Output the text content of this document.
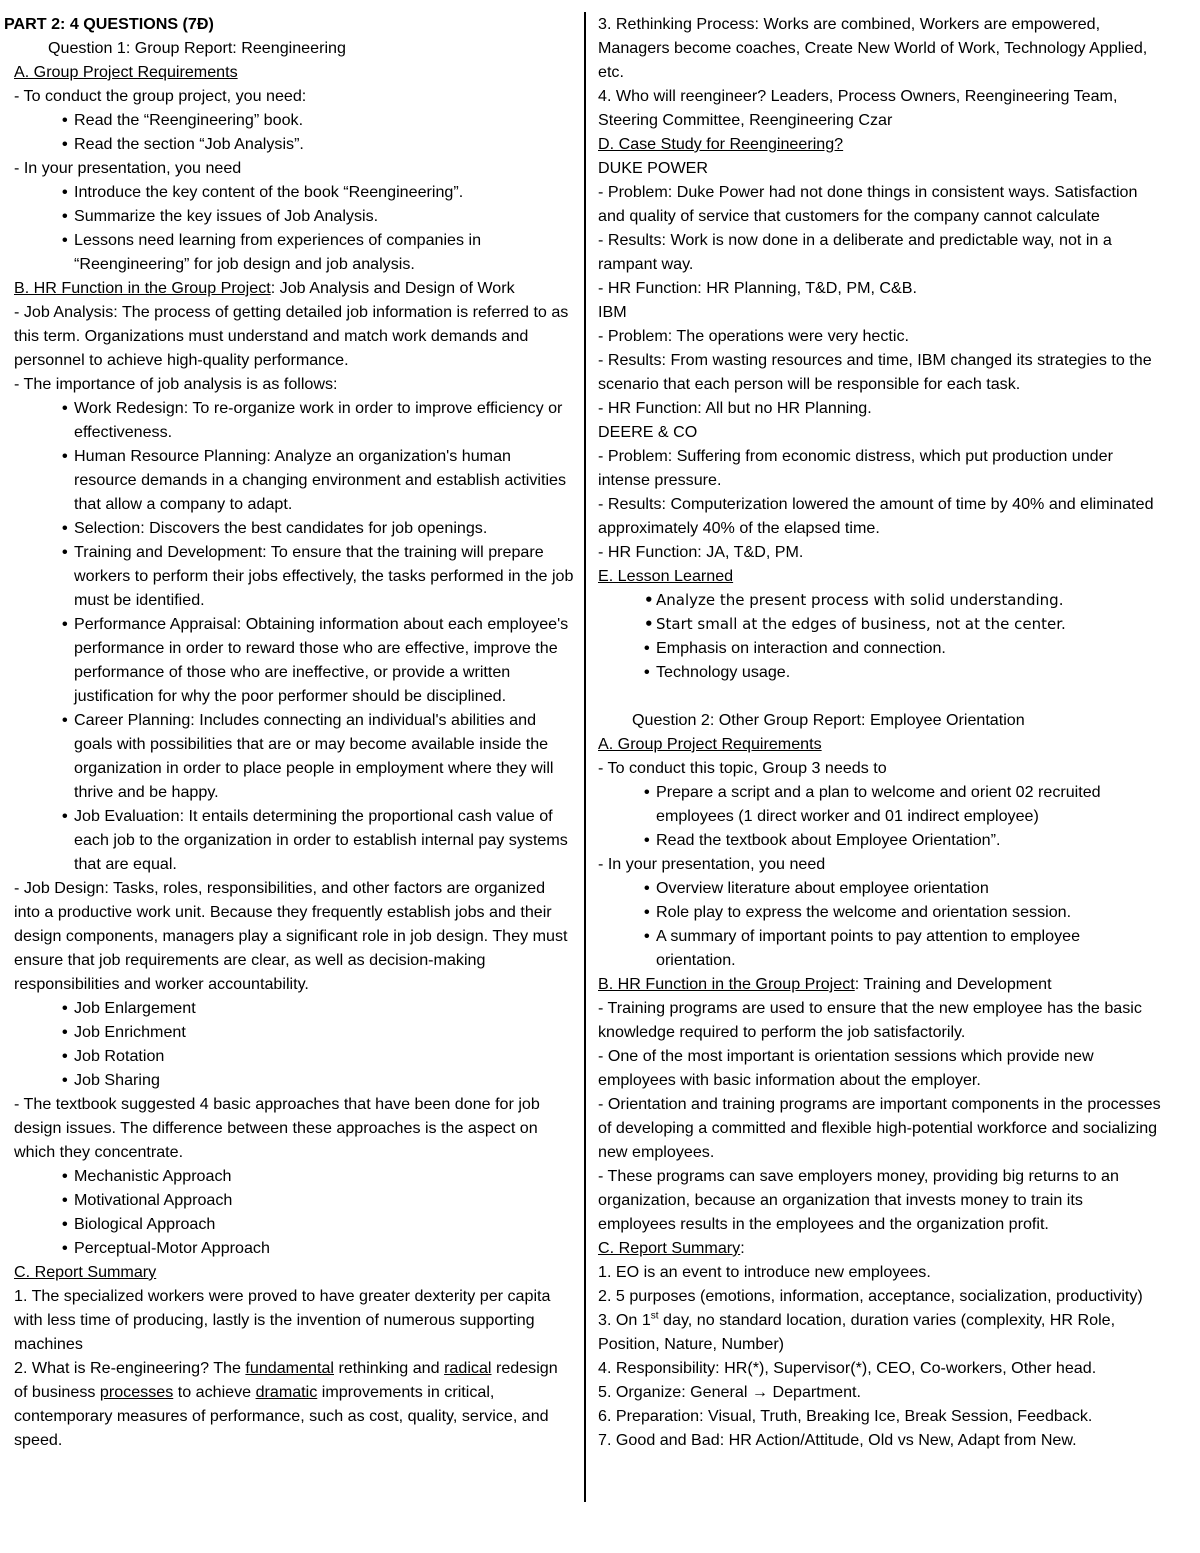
PART 2: 4 QUESTIONS (7Đ)
Question 1: Group Report: Reengineering
A. Group Project Requirements
- To conduct the group project, you need:
• Read the “Reengineering” book.
• Read the section “Job Analysis”.
- In your presentation, you need
• Introduce the key content of the book “Reengineering”.
• Summarize the key issues of Job Analysis.
• Lessons need learning from experiences of companies in “Reengineering” for job design and job analysis.
B. HR Function in the Group Project: Job Analysis and Design of Work
- Job Analysis: The process of getting detailed job information is referred to as this term. Organizations must understand and match work demands and personnel to achieve high-quality performance.
- The importance of job analysis is as follows:
• Work Redesign: To re-organize work in order to improve efficiency or effectiveness.
• Human Resource Planning: Analyze an organization's human resource demands in a changing environment and establish activities that allow a company to adapt.
• Selection: Discovers the best candidates for job openings.
• Training and Development: To ensure that the training will prepare workers to perform their jobs effectively, the tasks performed in the job must be identified.
• Performance Appraisal: Obtaining information about each employee's performance in order to reward those who are effective, improve the performance of those who are ineffective, or provide a written justification for why the poor performer should be disciplined.
• Career Planning: Includes connecting an individual's abilities and goals with possibilities that are or may become available inside the organization in order to place people in employment where they will thrive and be happy.
• Job Evaluation: It entails determining the proportional cash value of each job to the organization in order to establish internal pay systems that are equal.
- Job Design: Tasks, roles, responsibilities, and other factors are organized into a productive work unit. Because they frequently establish jobs and their design components, managers play a significant role in job design. They must ensure that job requirements are clear, as well as decision-making responsibilities and worker accountability.
• Job Enlargement
• Job Enrichment
• Job Rotation
• Job Sharing
- The textbook suggested 4 basic approaches that have been done for job design issues. The difference between these approaches is the aspect on which they concentrate.
• Mechanistic Approach
• Motivational Approach
• Biological Approach
• Perceptual-Motor Approach
C. Report Summary
1. The specialized workers were proved to have greater dexterity per capita with less time of producing, lastly is the invention of numerous supporting machines
2. What is Re-engineering? The fundamental rethinking and radical redesign of business processes to achieve dramatic improvements in critical, contemporary measures of performance, such as cost, quality, service, and speed.
3. Rethinking Process: Works are combined, Workers are empowered, Managers become coaches, Create New World of Work, Technology Applied, etc.
4. Who will reengineer? Leaders, Process Owners, Reengineering Team, Steering Committee, Reengineering Czar
D. Case Study for Reengineering?
DUKE POWER
- Problem: Duke Power had not done things in consistent ways. Satisfaction and quality of service that customers for the company cannot calculate
- Results: Work is now done in a deliberate and predictable way, not in a rampant way.
- HR Function: HR Planning, T&D, PM, C&B.
IBM
- Problem: The operations were very hectic.
- Results: From wasting resources and time, IBM changed its strategies to the scenario that each person will be responsible for each task.
- HR Function: All but no HR Planning.
DEERE & CO
- Problem: Suffering from economic distress, which put production under intense pressure.
- Results: Computerization lowered the amount of time by 40% and eliminated approximately 40% of the elapsed time.
- HR Function: JA, T&D, PM.
E. Lesson Learned
• Analyze the present process with solid understanding.
• Start small at the edges of business, not at the center.
• Emphasis on interaction and connection.
• Technology usage.
Question 2: Other Group Report: Employee Orientation
A. Group Project Requirements
- To conduct this topic, Group 3 needs to
• Prepare a script and a plan to welcome and orient 02 recruited employees (1 direct worker and 01 indirect employee)
• Read the textbook about Employee Orientation”.
- In your presentation, you need
• Overview literature about employee orientation
• Role play to express the welcome and orientation session.
• A summary of important points to pay attention to employee orientation.
B. HR Function in the Group Project: Training and Development
- Training programs are used to ensure that the new employee has the basic knowledge required to perform the job satisfactorily.
- One of the most important is orientation sessions which provide new employees with basic information about the employer.
- Orientation and training programs are important components in the processes of developing a committed and flexible high-potential workforce and socializing new employees.
- These programs can save employers money, providing big returns to an organization, because an organization that invests money to train its employees results in the employees and the organization profit.
C. Report Summary:
1. EO is an event to introduce new employees.
2. 5 purposes (emotions, information, acceptance, socialization, productivity)
3. On 1st day, no standard location, duration varies (complexity, HR Role, Position, Nature, Number)
4. Responsibility: HR(*), Supervisor(*), CEO, Co-workers, Other head.
5. Organize: General → Department.
6. Preparation: Visual, Truth, Breaking Ice, Break Session, Feedback.
7. Good and Bad: HR Action/Attitude, Old vs New, Adapt from New.
